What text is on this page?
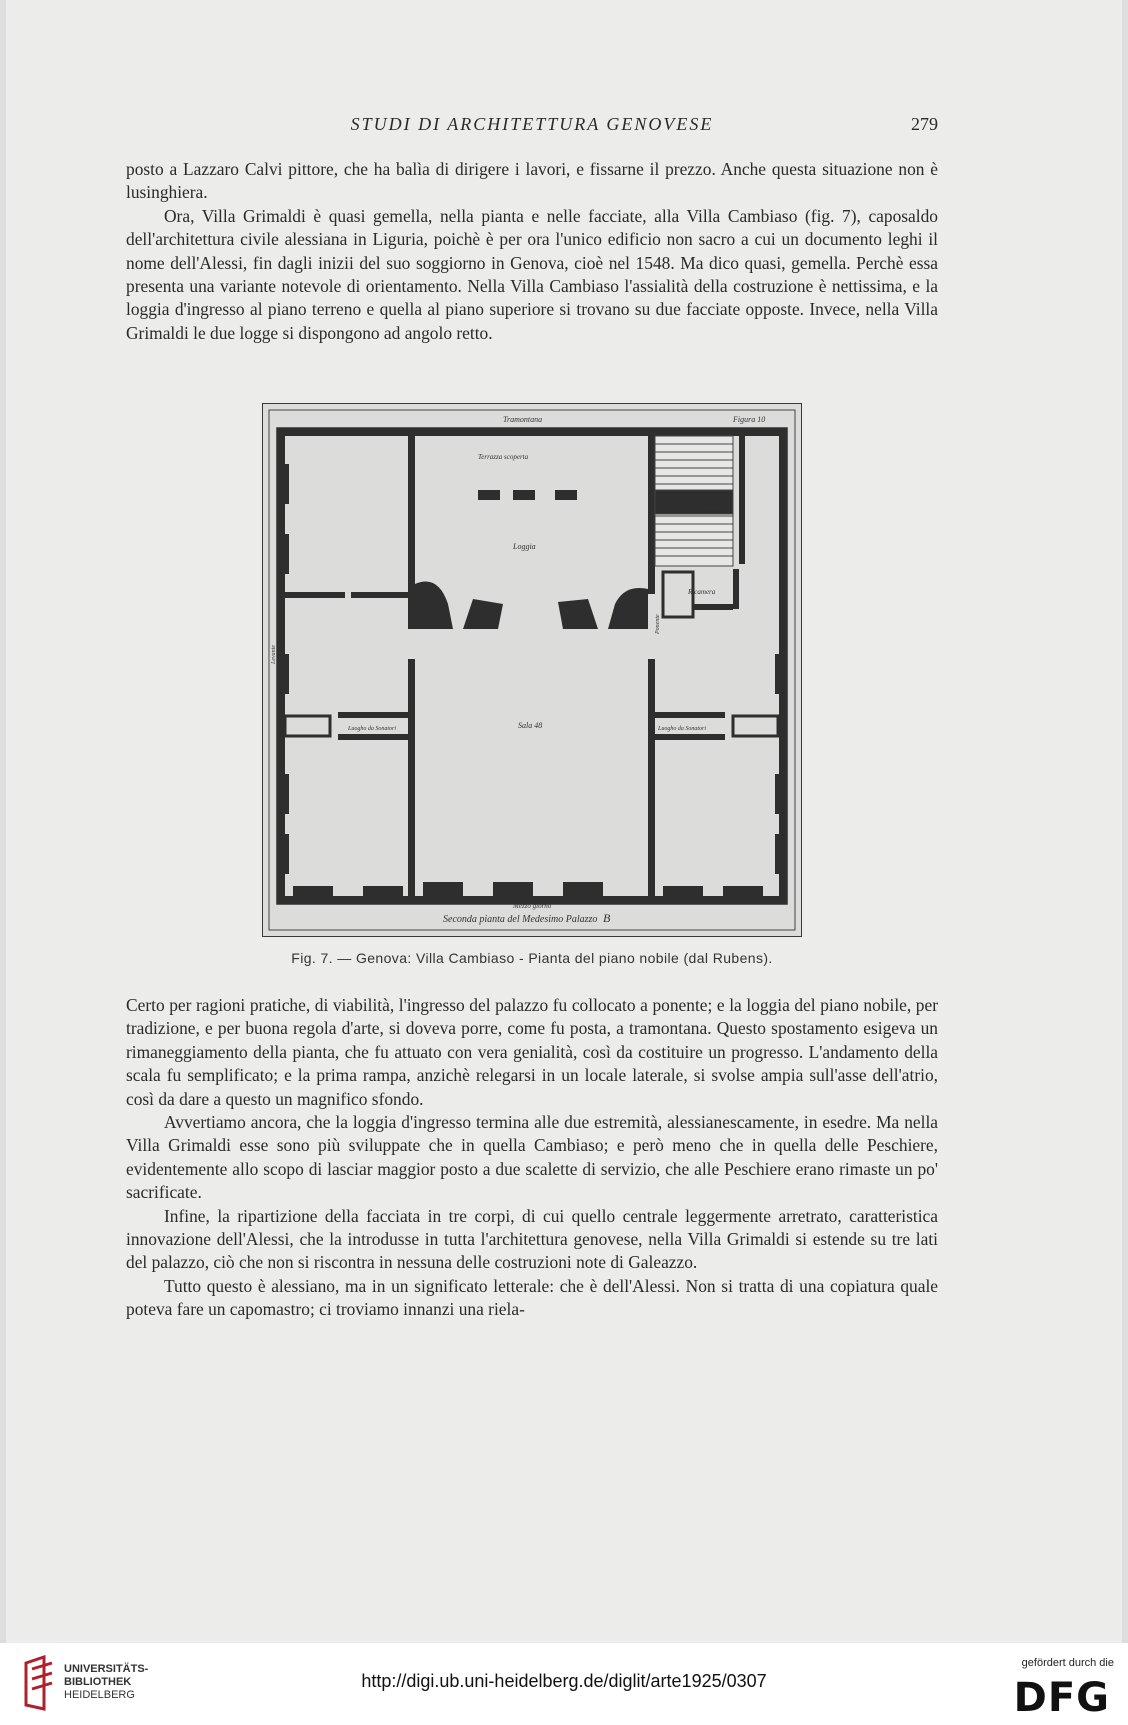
STUDI DI ARCHITETTURA GENOVESE	279

posto a Lazzaro Calvi pittore, che ha balìa di dirigere i lavori, e fissarne il prezzo. Anche questa situazione non è lusinghiera.

Ora, Villa Grimaldi è quasi gemella, nella pianta e nelle facciate, alla Villa Cambiaso (fig. 7), caposaldo dell'architettura civile alessiana in Liguria, poichè è per ora l'unico edificio non sacro a cui un documento leghi il nome dell'Alessi, fin dagli inizii del suo soggiorno in Genova, cioè nel 1548. Ma dico quasi, gemella. Perchè essa presenta una variante notevole di orientamento. Nella Villa Cambiaso l'assialità della costruzione è nettissima, e la loggia d'ingresso al piano terreno e quella al piano superiore si trovano su due facciate opposte. Invece, nella Villa Grimaldi le due logge si dispongono ad angolo retto.

Tramontana	Figura 10
Terrazza scoperta
Loggia
Galeria
Ricamera
Sala 48
Luogho da Sonatori	Luogho da Sonatori
Mezzo giorno
Seconda pianta del Medesimo Palazzo B
Levante
Ponente
Fig. 7. — Genova: Villa Cambiaso - Pianta del piano nobile (dal Rubens).

Certo per ragioni pratiche, di viabilità, l'ingresso del palazzo fu collocato a ponente; e la loggia del piano nobile, per tradizione, e per buona regola d'arte, si doveva porre, come fu posta, a tramontana. Questo spostamento esigeva un rimaneggiamento della pianta, che fu attuato con vera genialità, così da costituire un progresso. L'andamento della scala fu semplificato; e la prima rampa, anzichè relegarsi in un locale laterale, si svolse ampia sull'asse dell'atrio, così da dare a questo un magnifico sfondo.

Avvertiamo ancora, che la loggia d'ingresso termina alle due estremità, alessianescamente, in esedre. Ma nella Villa Grimaldi esse sono più sviluppate che in quella Cambiaso; e però meno che in quella delle Peschiere, evidentemente allo scopo di lasciar maggior posto a due scalette di servizio, che alle Peschiere erano rimaste un po' sacrificate.

Infine, la ripartizione della facciata in tre corpi, di cui quello centrale leggermente arretrato, caratteristica innovazione dell'Alessi, che la introdusse in tutta l'architettura genovese, nella Villa Grimaldi si estende su tre lati del palazzo, ciò che non si riscontra in nessuna delle costruzioni note di Galeazzo.

Tutto questo è alessiano, ma in un significato letterale: che è dell'Alessi. Non si tratta di una copiatura quale poteva fare un capomastro; ci troviamo innanzi una riela-

UNIVERSITÄTS-
BIBLIOTHEK
HEIDELBERG
http://digi.ub.uni-heidelberg.de/diglit/arte1925/0307
gefördert durch die
DFG
